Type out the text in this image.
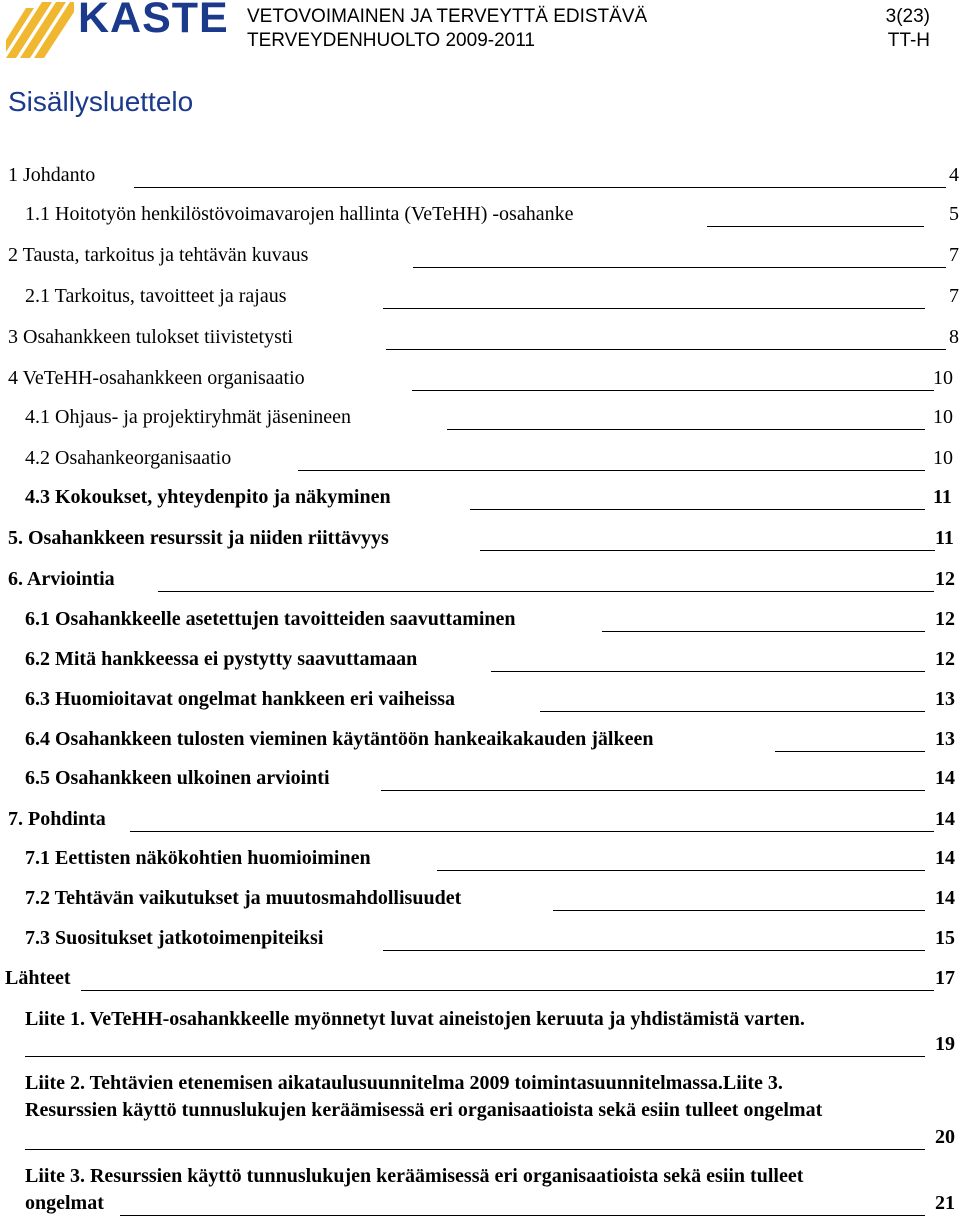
KASTE VETOVOIMAINEN JA TERVEYTTÄ EDISTÄVÄ
TERVEYDENHUOLTO 2009-2011
3(23)
TT-H
Sisällysluettelo
1 Johdanto	4
1.1 Hoitotyön henkilöstövoimavarojen hallinta (VeTeHH) -osahanke	5
2 Tausta, tarkoitus ja tehtävän kuvaus	7
2.1 Tarkoitus, tavoitteet ja rajaus	7
3 Osahankkeen tulokset tiivistetysti	8
4 VeTeHH-osahankkeen organisaatio	10
4.1 Ohjaus- ja projektiryhmät jäsenineen	10
4.2 Osahankeorganisaatio	10
4.3 Kokoukset, yhteydenpito ja näkyminen	11
5. Osahankkeen resurssit ja niiden riittävyys	11
6. Arviointia	12
6.1 Osahankkeelle asetettujen tavoitteiden saavuttaminen	12
6.2 Mitä hankkeessa ei pystytty saavuttamaan	12
6.3 Huomioitavat ongelmat hankkeen eri vaiheissa	13
6.4 Osahankkeen tulosten vieminen käytäntöön hankeaikakauden jälkeen	13
6.5 Osahankkeen ulkoinen arviointi	14
7. Pohdinta	14
7.1 Eettisten näkökohtien huomioiminen	14
7.2 Tehtävän vaikutukset ja muutosmahdollisuudet	14
7.3 Suositukset jatkotoimenpiteiksi	15
Lähteet	17
Liite 1. VeTeHH-osahankkeelle myönnetyt luvat aineistojen keruuta ja yhdistämistä varten.
19
Liite 2. Tehtävien etenemisen aikataulusuunnitelma 2009 toimintasuunnitelmassa.Liite 3.
Resurssien käyttö tunnuslukujen keräämisessä eri organisaatioista sekä esiin tulleet ongelmat
20
Liite 3. Resurssien käyttö tunnuslukujen keräämisessä eri organisaatioista sekä esiin tulleet
ongelmat	21
